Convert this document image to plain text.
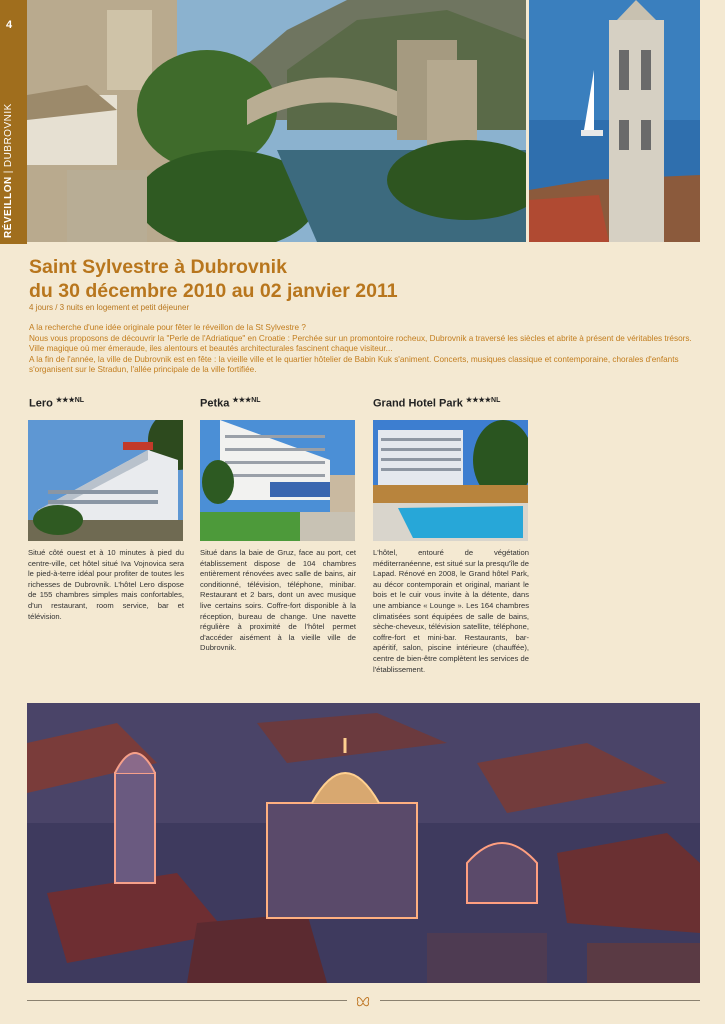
4
RÉVEILLON|DUBROVNIK
Saint Sylvestre à Dubrovnik
du 30 décembre 2010 au 02 janvier 2011
4 jours / 3 nuits en logement et petit déjeuner

A la recherche d'une idée originale pour fêter le réveillon de la St Sylvestre ?

Nous vous proposons de découvrir la "Perle de l'Adriatique" en Croatie : Perchée sur un promontoire rocheux, Dubrovnik a traversé les siècles et abrite à présent de véritables trésors. Ville magique où mer émeraude, iles alentours et beautés architecturales fascinent chaque visiteur...

A la fin de l'année, la ville de Dubrovnik est en fête : la vieille ville et le quartier hôtelier de Babin Kuk s'animent. Concerts, musiques classique et contemporaine, chorales d'enfants s'organisent sur le Stradun, l'allée principale de la ville fortifiée.

Lero $^{★★★NL}$
Situé côté ouest et à 10 minutes à pied du centre-ville, cet hôtel situé Iva Vojnovica sera le pied-à-terre idéal pour profiter de toutes les richesses de Dubrovnik. L'hôtel Lero dispose de 155 chambres simples mais confortables, d'un restaurant, room service, bar et télévision.
Petka $^{★★★NL}$
Situé dans la baie de Gruz, face au port, cet établissement dispose de 104 chambres entièrement rénovées avec salle de bains, air conditionné, télévision, téléphone, minibar. Restaurant et 2 bars, dont un avec musique live certains soirs. Coffre-fort disponible à la réception, bureau de change. Une navette régulière à proximité de l'hôtel permet d'accéder aisément à la vieille ville de Dubrovnik.
Grand Hotel Park $^{★★★★NL}$
L'hôtel, entouré de végétation méditerranéenne, est situé sur la presqu'île de Lapad. Rénové en 2008, le Grand hôtel Park, au décor contemporain et original, mariant le bois et le cuir vous invite à la détente, dans une ambiance « Lounge ». Les 164 chambres climatisées sont équipées de salle de bains, sèche-cheveux, télévision satellite, téléphone, coffre-fort et mini-bar. Restaurants, bar-apéritif, salon, piscine intérieure (chauffée), centre de bien-être complètent les services de l'établissement.
